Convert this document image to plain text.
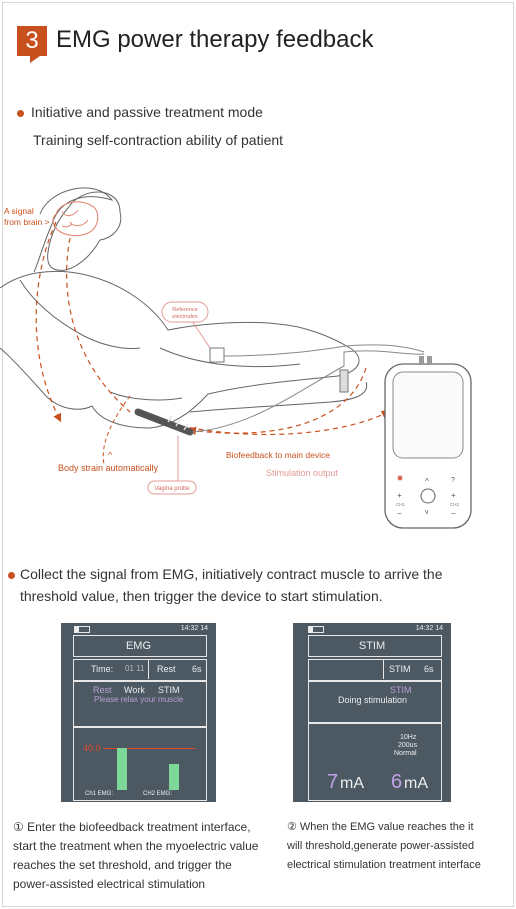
3 EMG power therapy feedback
Initiative and passive treatment mode
Training self-contraction ability of patient
A signal
from brain >
Reference
electrodes
^
Body strain automatically
Vagina probe
Biofeedback to main device
Stimulation output
^
v
?
+	+
CH1	CH2
−	−
Collect the signal from EMG, initiatively contract muscle to arrive the
threshold value, then trigger the device to start stimulation.
14:32 14
EMG
Time: 01 11 Rest 6s
Rest Work STIM
Please relax your muscle
40.0
Ch1 EMG:	CH2 EMG:
14:32 14
STIM
STIM 6s
STIM
Doing stimulation
10Hz
200us
Normal
7 mA 6 mA
① Enter the biofeedback treatment interface,
start the treatment when the myoelectric value
reaches the set threshold, and trigger the
power-assisted electrical stimulation
② When the EMG value reaches the it
will threshold,generate power-assisted
electrical stimulation treatment interface
